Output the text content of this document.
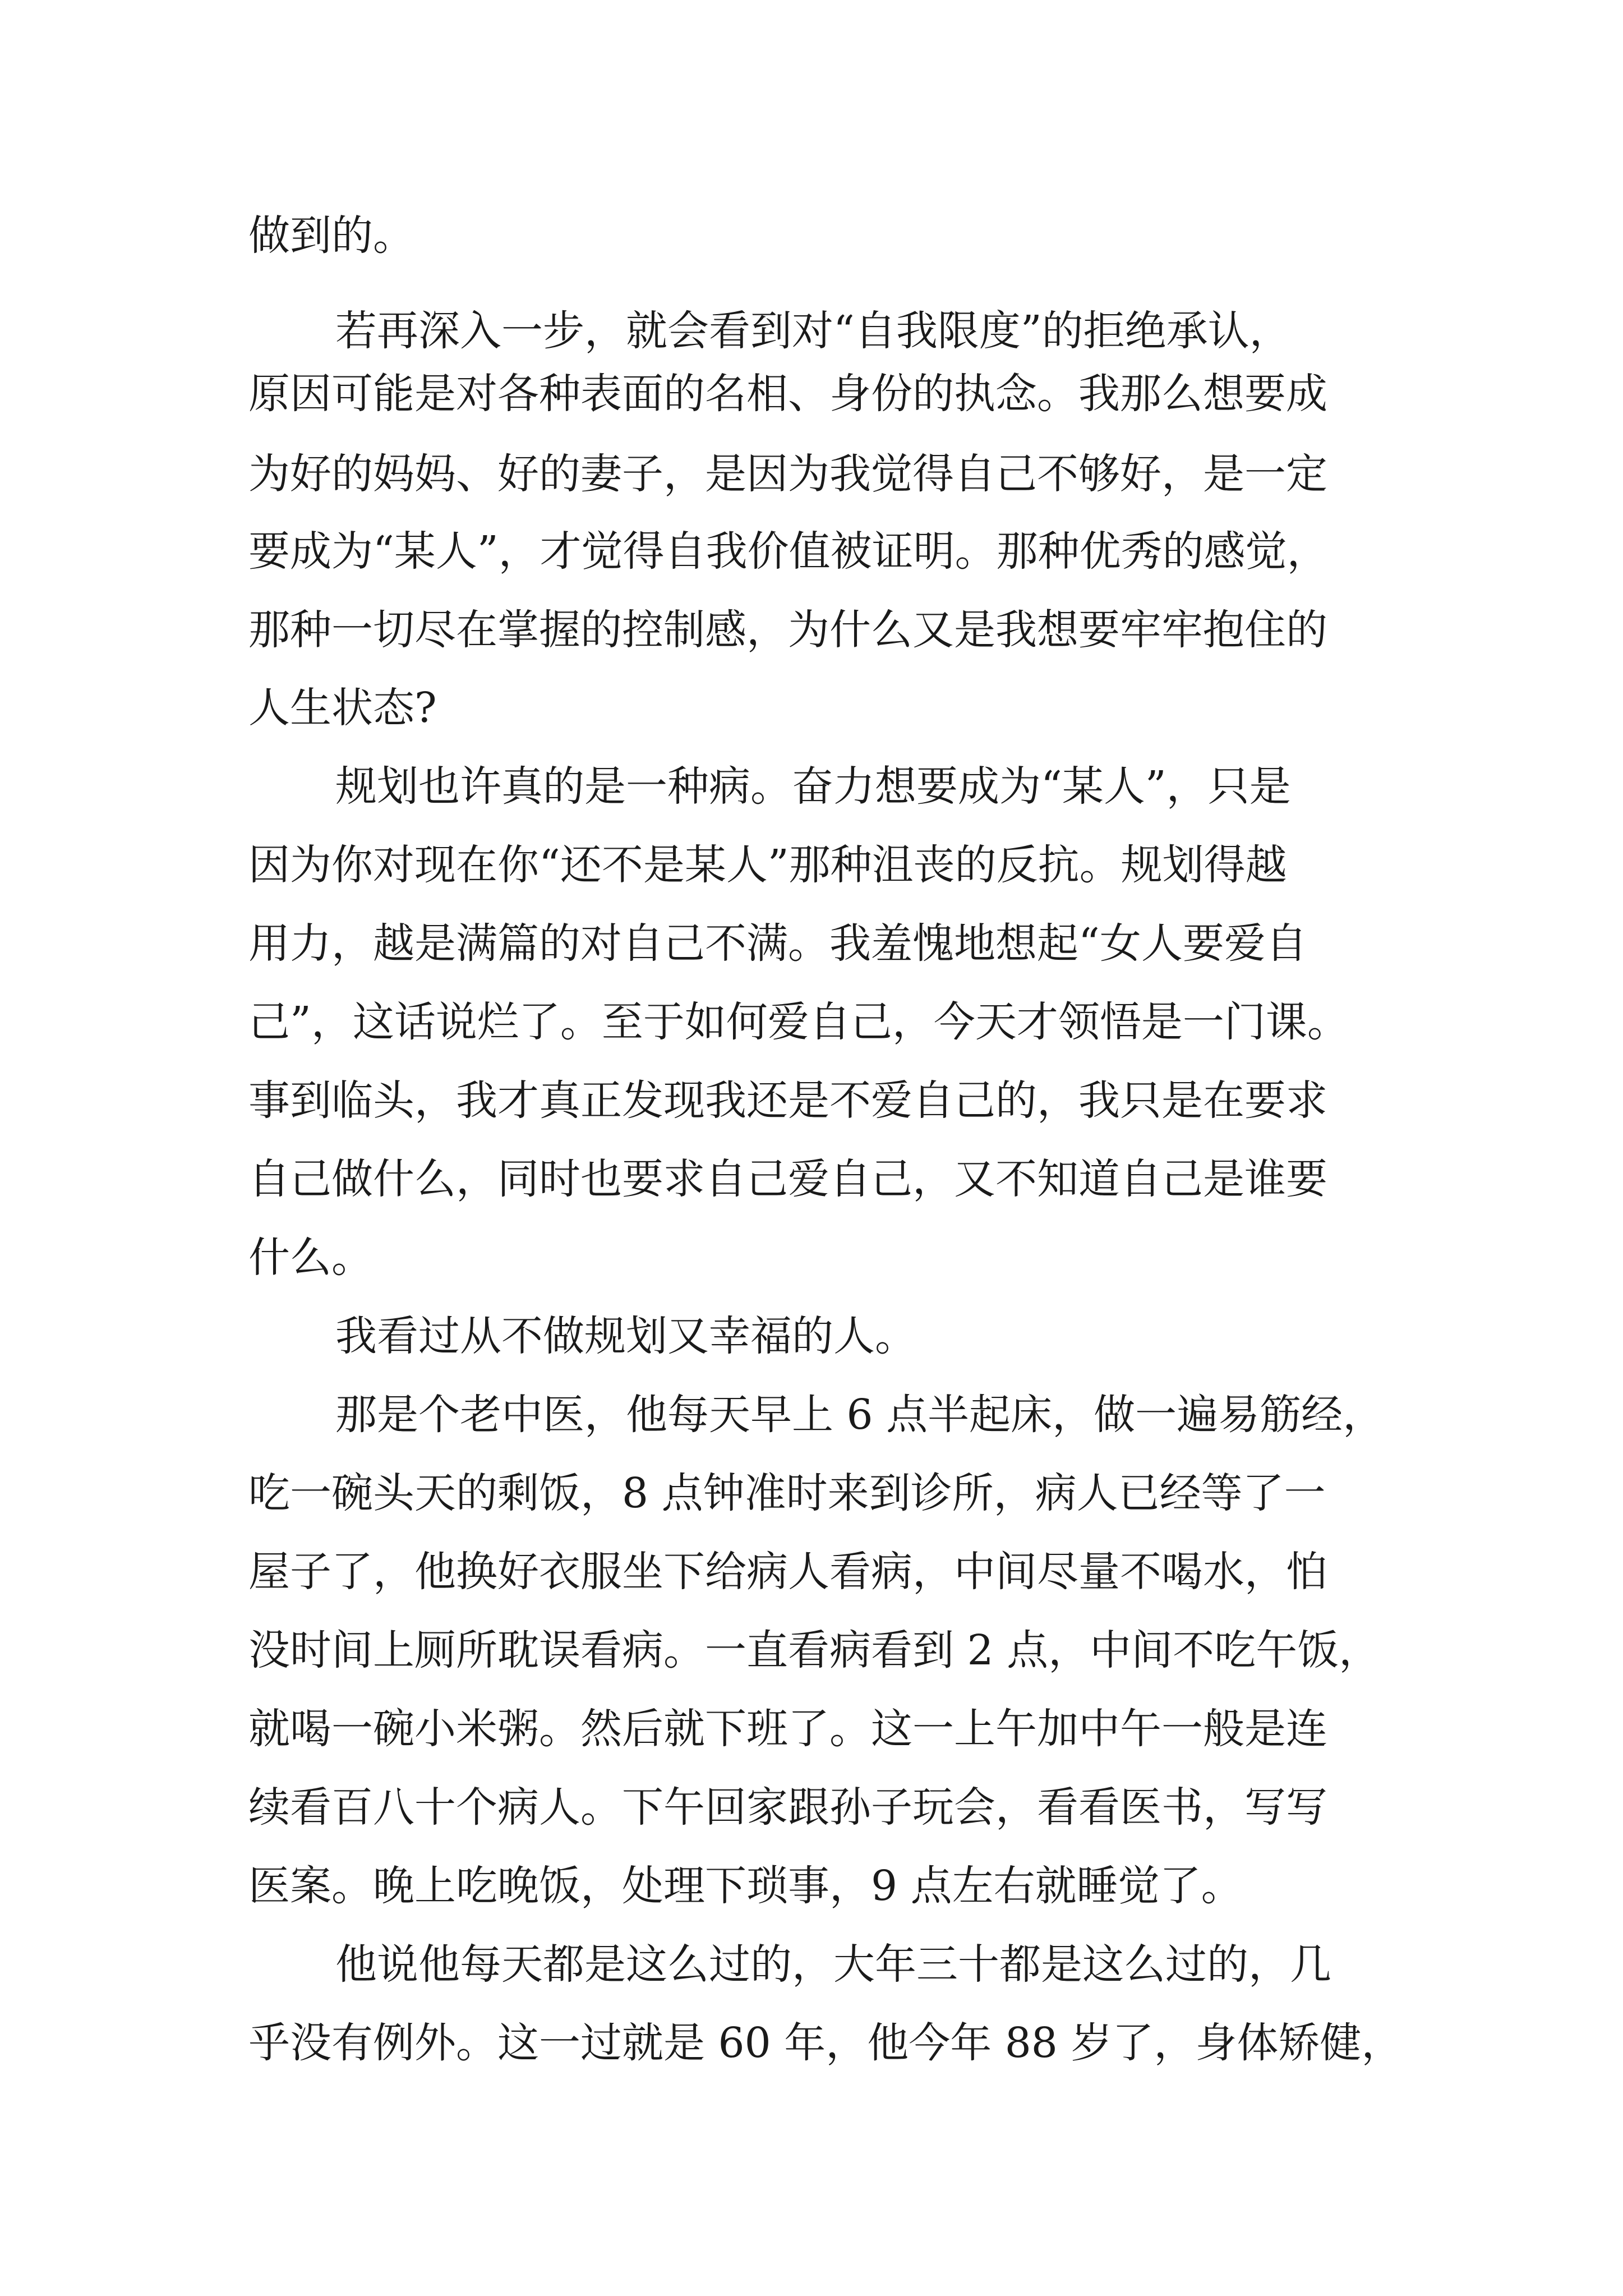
做到的。
若再深入一步，就会看到对“自我限度”的拒绝承认，
原因可能是对各种表面的名相、身份的执念。我那么想要成
为好的妈妈、好的妻子，是因为我觉得自己不够好，是一定
要成为“某人”，才觉得自我价值被证明。那种优秀的感觉，
那种一切尽在掌握的控制感，为什么又是我想要牢牢抱住的
人生状态?
规划也许真的是一种病。奋力想要成为“某人”，只是
因为你对现在你“还不是某人”那种沮丧的反抗。规划得越
用力，越是满篇的对自己不满。我羞愧地想起“女人要爱自
己”，这话说烂了。至于如何爱自己，今天才领悟是一门课。
事到临头，我才真正发现我还是不爱自己的，我只是在要求
自己做什么，同时也要求自己爱自己，又不知道自己是谁要
什么。
我看过从不做规划又幸福的人。
那是个老中医，他每天早上 6 点半起床，做一遍易筋经，
吃一碗头天的剩饭，8 点钟准时来到诊所，病人已经等了一
屋子了，他换好衣服坐下给病人看病，中间尽量不喝水，怕
没时间上厕所耽误看病。一直看病看到 2 点，中间不吃午饭，
就喝一碗小米粥。然后就下班了。这一上午加中午一般是连
续看百八十个病人。下午回家跟孙子玩会，看看医书，写写
医案。晚上吃晚饭，处理下琐事，9 点左右就睡觉了。
他说他每天都是这么过的，大年三十都是这么过的，几
乎没有例外。这一过就是 60 年，他今年 88 岁了，身体矫健，
